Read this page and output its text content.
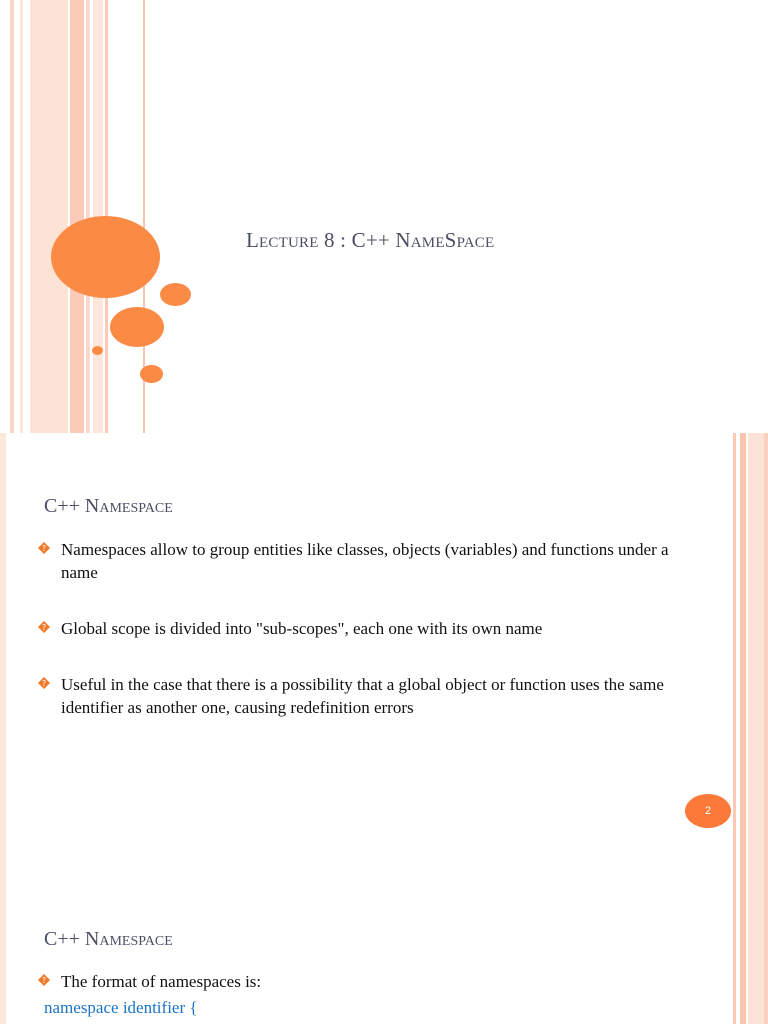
Lecture 8 : C++ NameSpace
C++ Namespace
? Namespaces allow to group entities like classes, objects (variables) and functions under a name
? Global scope is divided into "sub-scopes", each one with its own name
? Useful in the case that there is a possibility that a global object or function uses the same identifier as another one, causing redefinition errors
2
C++ Namespace
? The format of namespaces is:
namespace identifier {
